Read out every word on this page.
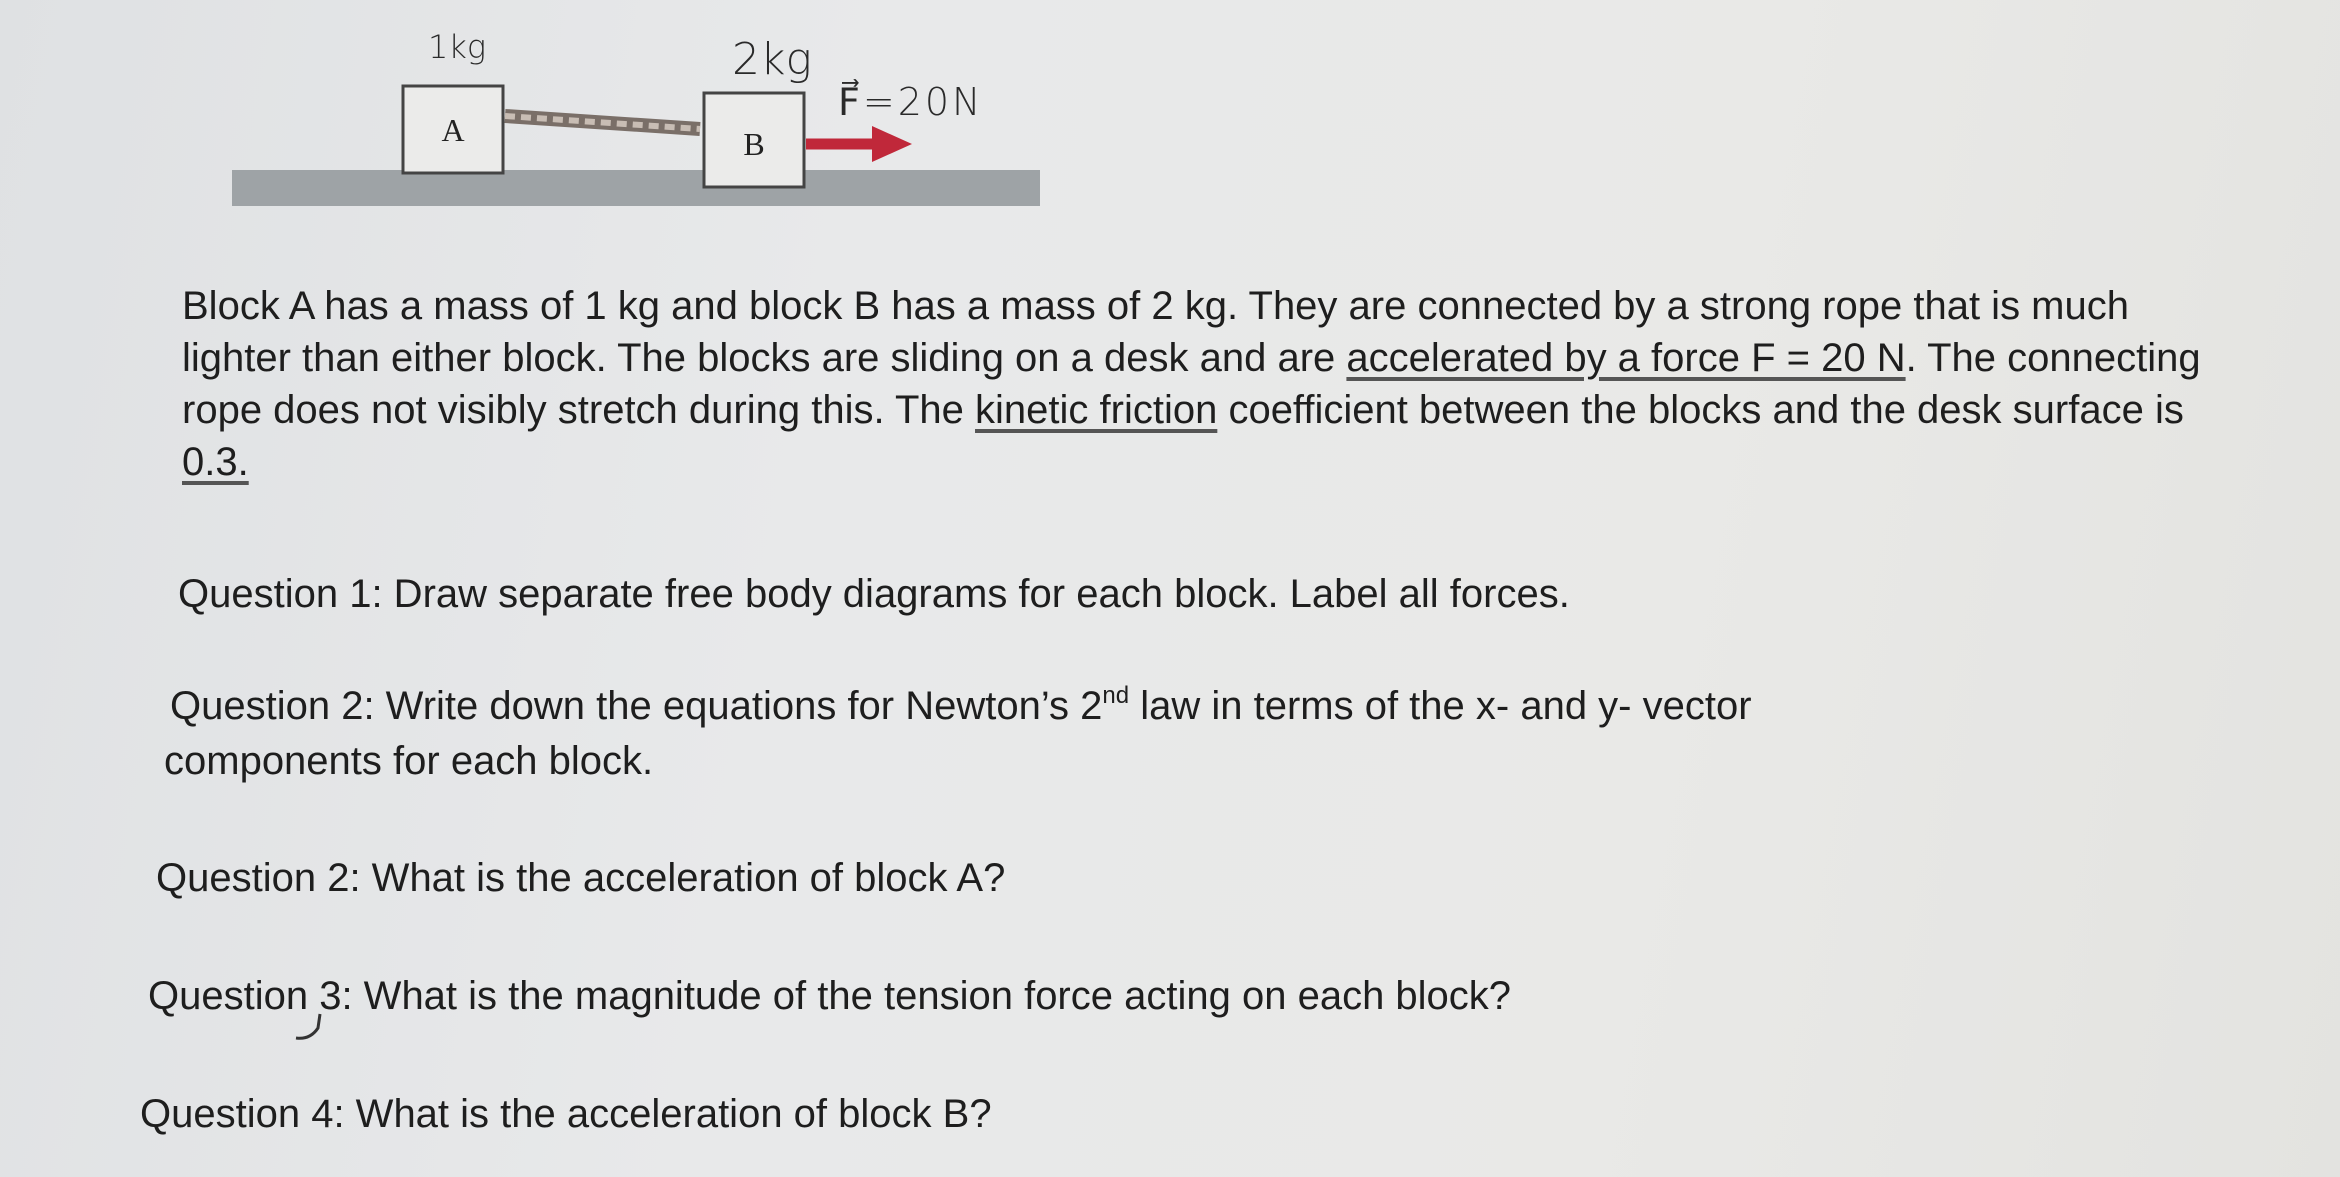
A	B
1kg	2kg
F⃗=20N

Block A has a mass of 1 kg and block B has a mass of 2 kg. They are connected by a strong rope that is much lighter than either block. The blocks are sliding on a desk and are accelerated by a force F = 20 N. The connecting rope does not visibly stretch during this. The kinetic friction coefficient between the blocks and the desk surface is 0.3.

Question 1: Draw separate free body diagrams for each block. Label all forces.

Question 2: Write down the equations for Newton’s 2nd law in terms of the x- and y- vector

components for each block.

Question 2: What is the acceleration of block A?

Question 3: What is the magnitude of the tension force acting on each block?

Question 4: What is the acceleration of block B?
